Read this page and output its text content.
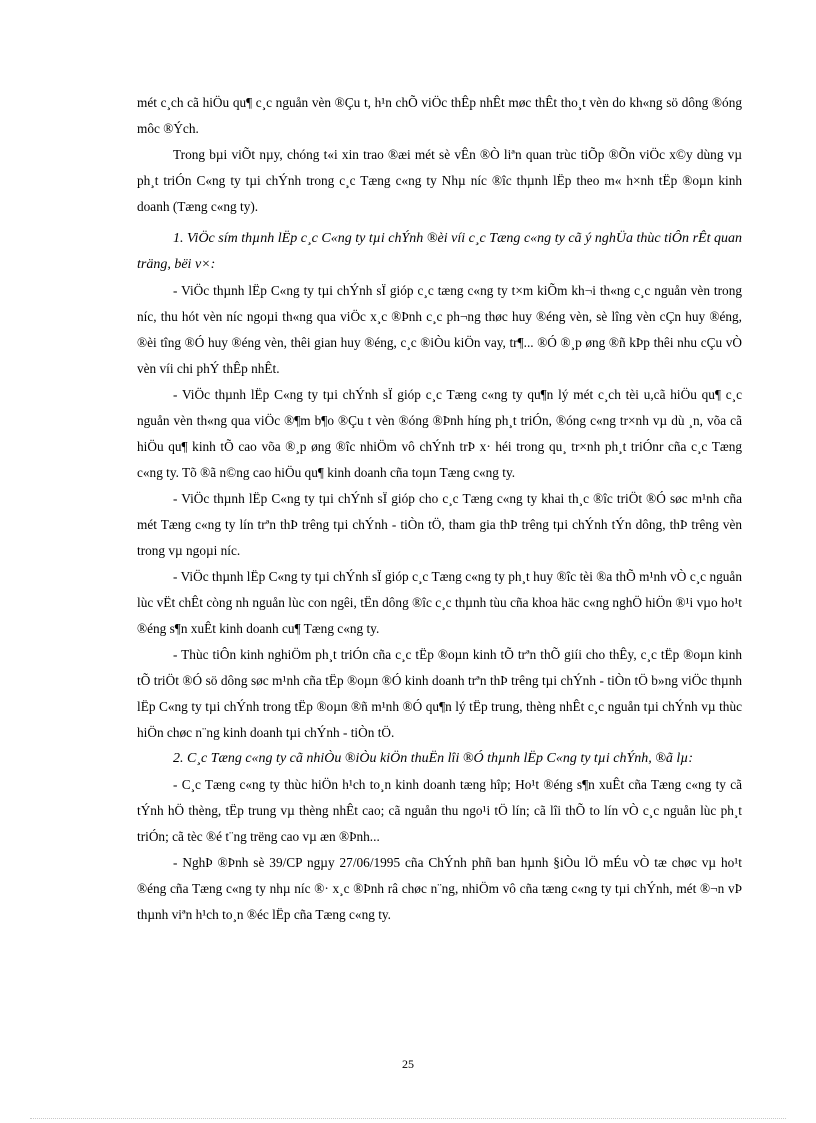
mét c¸ch cã hiÖu qu¶ c¸c nguån vèn ®Çu t, h¹n chÕ viÖc thÊp nhÊt møc thÊt tho¸t vèn do kh«ng sö dông ®óng môc ®Ých.

Trong bµi viÕt nµy, chóng t«i xin trao ®æi mét sè vÊn ®Ò liªn quan trùc tiÕp ®Õn viÖc x©y dùng vµ ph¸t triÓn C«ng ty tµi chÝnh trong c¸c Tæng c«ng ty Nhµ níc ®îc thµnh lËp theo m« h×nh tËp ®oµn kinh doanh (Tæng c«ng ty).

1. ViÖc sím thµnh lËp c¸c C«ng ty tµi chÝnh ®èi víi c¸c Tæng c«ng ty cã ý nghÜa thùc tiÔn rÊt quan träng, bëi v×:

- ViÖc thµnh lËp C«ng ty tµi chÝnh sÏ gióp c¸c tæng c«ng ty t×m kiÕm kh¬i th«ng c¸c nguån vèn trong níc, thu hót vèn níc ngoµi th«ng qua viÖc x¸c ®Þnh c¸c ph¬ng thøc huy ®éng vèn, sè lîng vèn cÇn huy ®éng, ®èi tîng ®Ó huy ®éng vèn, thêi gian huy ®éng, c¸c ®iÒu kiÖn vay, tr¶... ®Ó ®¸p øng ®ñ kÞp thêi nhu cÇu vÒ vèn víi chi phÝ thÊp nhÊt.

- ViÖc thµnh lËp C«ng ty tµi chÝnh sÏ gióp c¸c Tæng c«ng ty qu¶n lý mét c¸ch tèi u,cã hiÖu qu¶ c¸c nguån vèn th«ng qua viÖc ®¶m b¶o ®Çu t vèn ®óng ®Þnh híng ph¸t triÓn, ®óng c«ng tr×nh vµ dù ¸n, võa cã hiÖu qu¶ kinh tÕ cao võa ®¸p øng ®îc nhiÖm vô chÝnh trÞ x· héi trong qu¸ tr×nh ph¸t triÓnr cña c¸c Tæng c«ng ty. Tõ ®ã n©ng cao hiÖu qu¶ kinh doanh cña toµn Tæng c«ng ty.

- ViÖc thµnh lËp C«ng ty tµi chÝnh sÏ gióp cho c¸c Tæng c«ng ty khai th¸c ®îc triÖt ®Ó søc m¹nh cña mét Tæng c«ng ty lín trªn thÞ trêng tµi chÝnh - tiÒn tÖ, tham gia thÞ trêng tµi chÝnh tÝn dông, thÞ trêng vèn trong vµ ngoµi níc.

- ViÖc thµnh lËp C«ng ty tµi chÝnh sÏ gióp c¸c Tæng c«ng ty ph¸t huy ®îc tèi ®a thÕ m¹nh vÒ c¸c nguån lùc vËt chÊt còng nh nguån lùc con ngêi, tËn dông ®îc c¸c thµnh tùu cña khoa häc c«ng nghÖ hiÖn ®¹i vµo ho¹t ®éng s¶n xuÊt kinh doanh cu¶ Tæng c«ng ty.

- Thùc tiÔn kinh nghiÖm ph¸t triÓn cña c¸c tËp ®oµn kinh tÕ trªn thÕ giíi cho thÊy, c¸c tËp ®oµn kinh tÕ triÖt ®Ó sö dông søc m¹nh cña tËp ®oµn ®Ó kinh doanh trªn thÞ trêng tµi chÝnh - tiÒn tÖ b»ng viÖc thµnh lËp C«ng ty tµi chÝnh trong tËp ®oµn ®ñ m¹nh ®Ó qu¶n lý tËp trung, thèng nhÊt c¸c nguån tµi chÝnh vµ thùc hiÖn chøc n¨ng kinh doanh tµi chÝnh - tiÒn tÖ.

2. C¸c Tæng c«ng ty cã nhiÒu ®iÒu kiÖn thuËn lîi ®Ó thµnh lËp C«ng ty tµi chÝnh, ®ã lµ:

- C¸c Tæng c«ng ty thùc hiÖn h¹ch to¸n kinh doanh tæng hîp; Ho¹t ®éng s¶n xuÊt cña Tæng c«ng ty cã tÝnh hÖ thèng, tËp trung vµ thèng nhÊt cao; cã nguån thu ngo¹i tÖ lín; cã lîi thÕ to lín vÒ c¸c nguån lùc ph¸t triÓn; cã tèc ®é t¨ng trëng cao vµ æn ®Þnh...

- NghÞ ®Þnh sè 39/CP ngµy 27/06/1995 cña ChÝnh phñ ban hµnh §iÒu lÖ mÉu vÒ tæ chøc vµ ho¹t ®éng cña Tæng c«ng ty nhµ níc ®· x¸c ®Þnh râ chøc n¨ng, nhiÖm vô cña tæng c«ng ty tµi chÝnh, mét ®¬n vÞ thµnh viªn h¹ch to¸n ®éc lËp cña Tæng c«ng ty.

25
